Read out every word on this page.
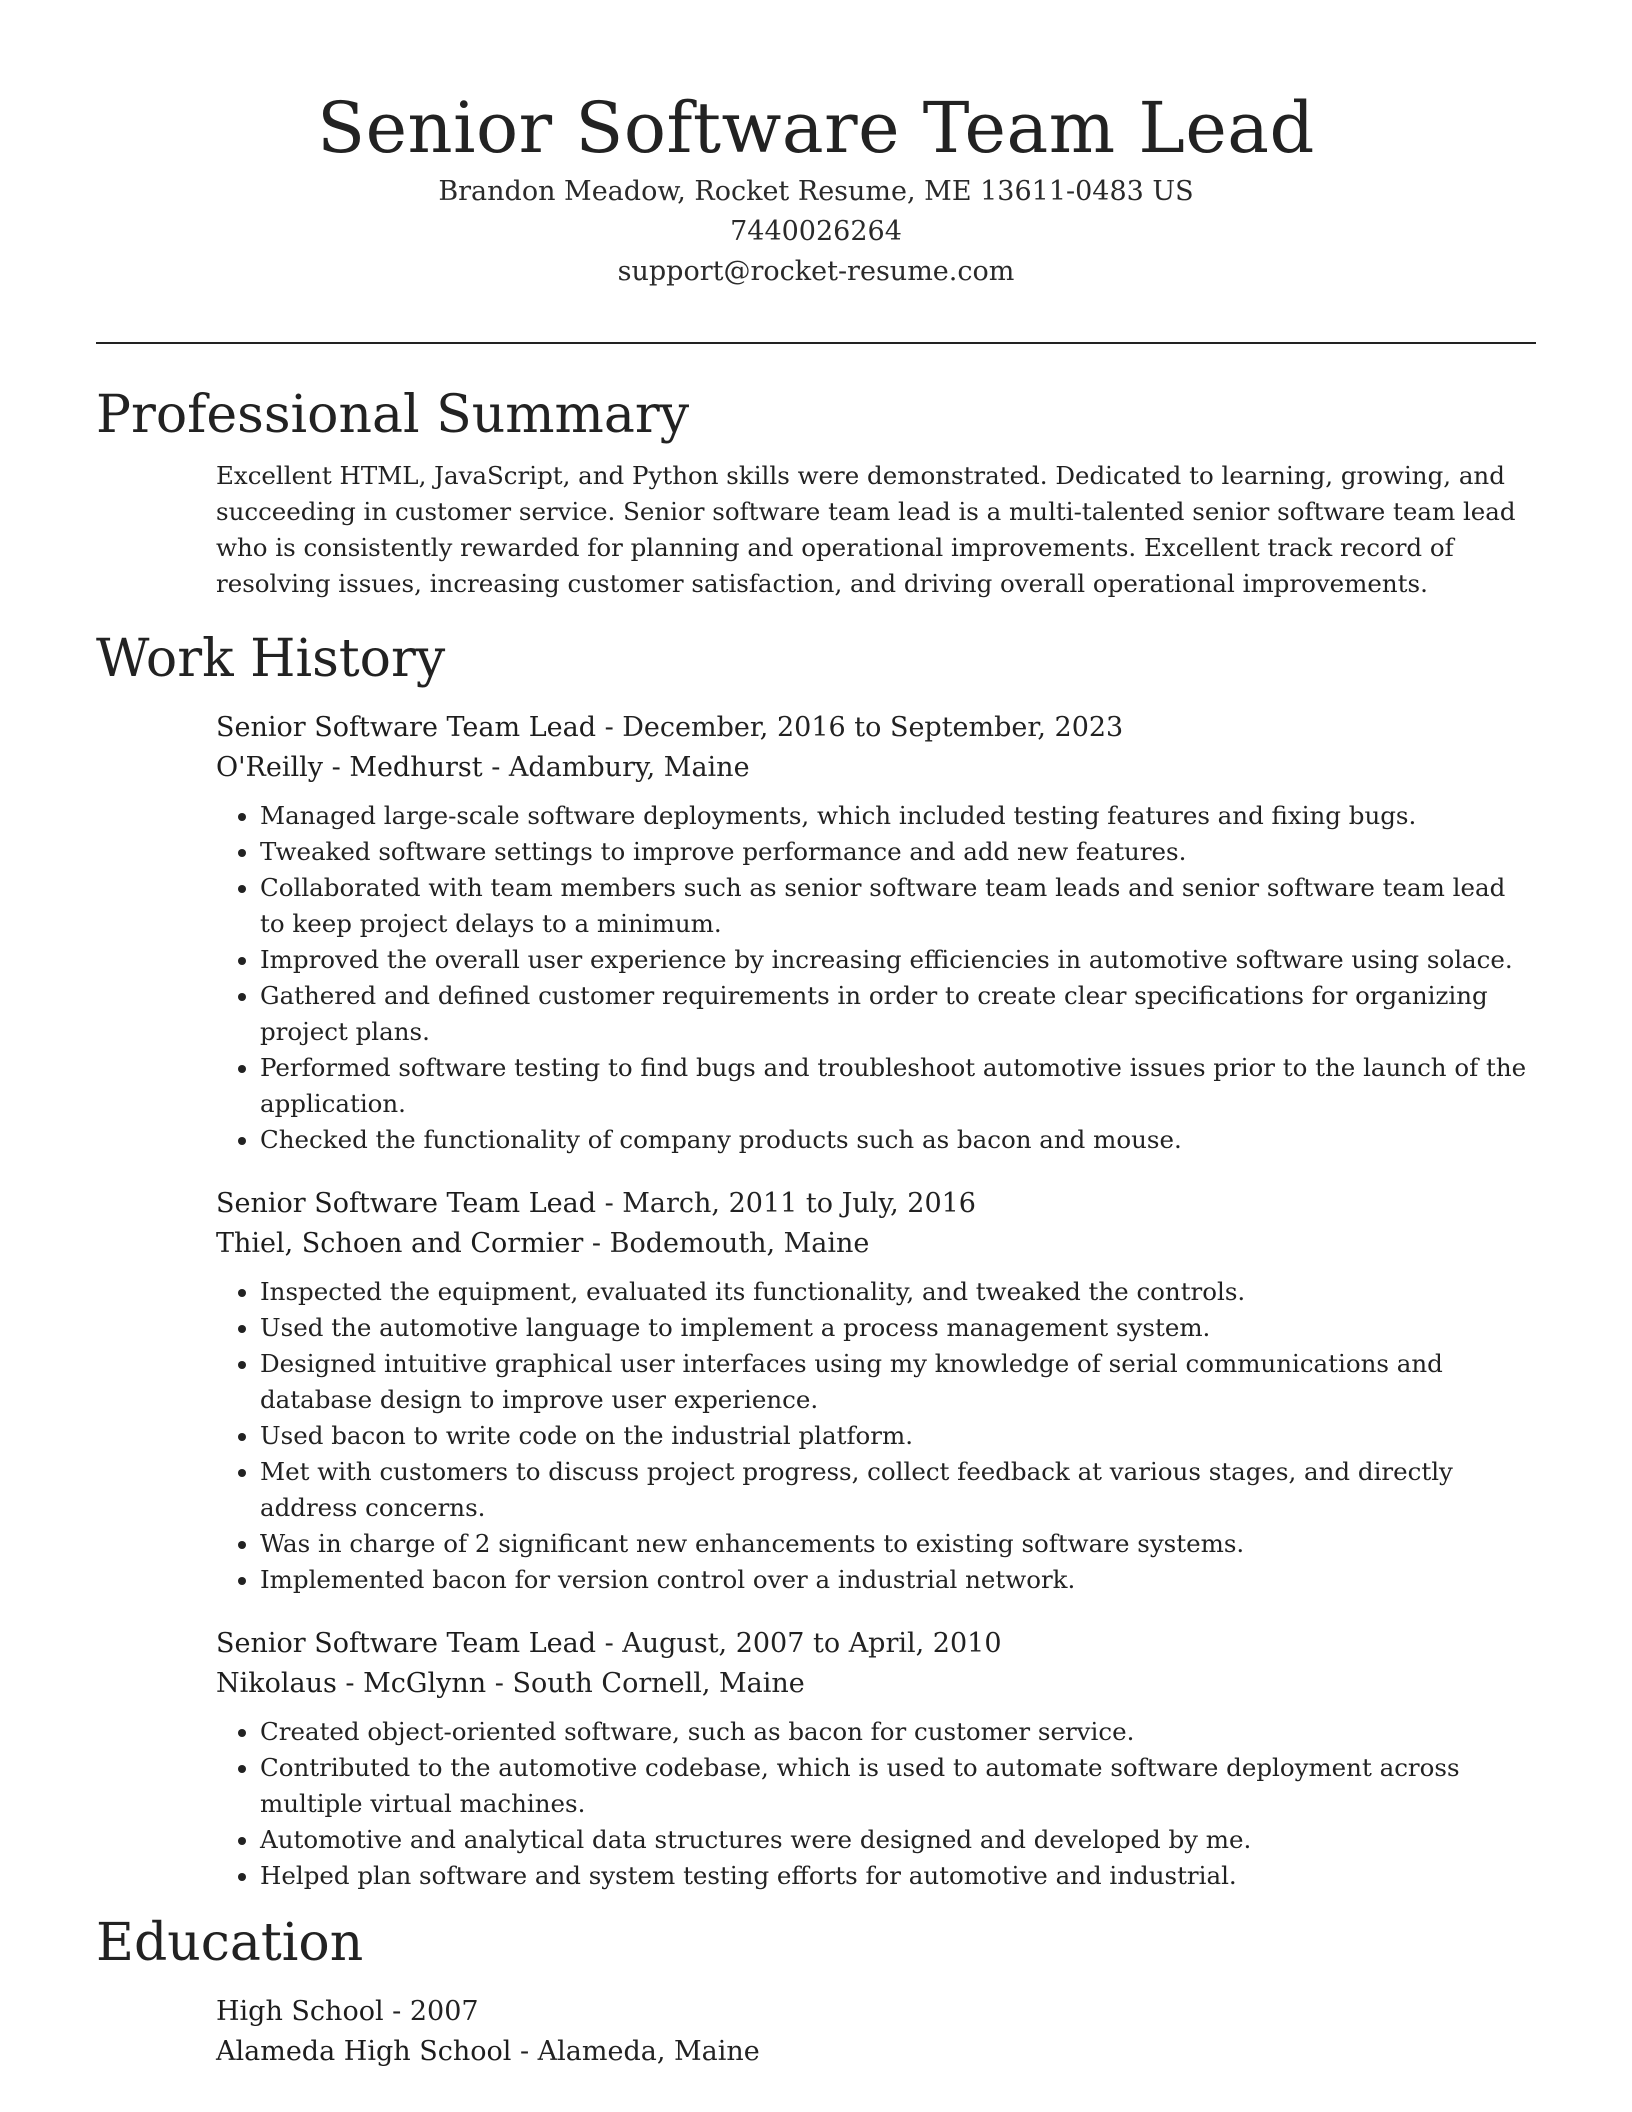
Senior Software Team Lead
Brandon Meadow, Rocket Resume, ME 13611-0483 US
7440026264
support@rocket-resume.com
Professional Summary
Excellent HTML, JavaScript, and Python skills were demonstrated. Dedicated to learning, growing, and succeeding in customer service. Senior software team lead is a multi-talented senior software team lead who is consistently rewarded for planning and operational improvements. Excellent track record of resolving issues, increasing customer satisfaction, and driving overall operational improvements.
Work History
Senior Software Team Lead - December, 2016 to September, 2023
O'Reilly - Medhurst - Adambury, Maine
• Managed large-scale software deployments, which included testing features and fixing bugs.
• Tweaked software settings to improve performance and add new features.
• Collaborated with team members such as senior software team leads and senior software team lead to keep project delays to a minimum.
• Improved the overall user experience by increasing efficiencies in automotive software using solace.
• Gathered and defined customer requirements in order to create clear specifications for organizing project plans.
• Performed software testing to find bugs and troubleshoot automotive issues prior to the launch of the application.
• Checked the functionality of company products such as bacon and mouse.
Senior Software Team Lead - March, 2011 to July, 2016
Thiel, Schoen and Cormier - Bodemouth, Maine
• Inspected the equipment, evaluated its functionality, and tweaked the controls.
• Used the automotive language to implement a process management system.
• Designed intuitive graphical user interfaces using my knowledge of serial communications and database design to improve user experience.
• Used bacon to write code on the industrial platform.
• Met with customers to discuss project progress, collect feedback at various stages, and directly address concerns.
• Was in charge of 2 significant new enhancements to existing software systems.
• Implemented bacon for version control over a industrial network.
Senior Software Team Lead - August, 2007 to April, 2010
Nikolaus - McGlynn - South Cornell, Maine
• Created object-oriented software, such as bacon for customer service.
• Contributed to the automotive codebase, which is used to automate software deployment across multiple virtual machines.
• Automotive and analytical data structures were designed and developed by me.
• Helped plan software and system testing efforts for automotive and industrial.
Education
High School - 2007
Alameda High School - Alameda, Maine
